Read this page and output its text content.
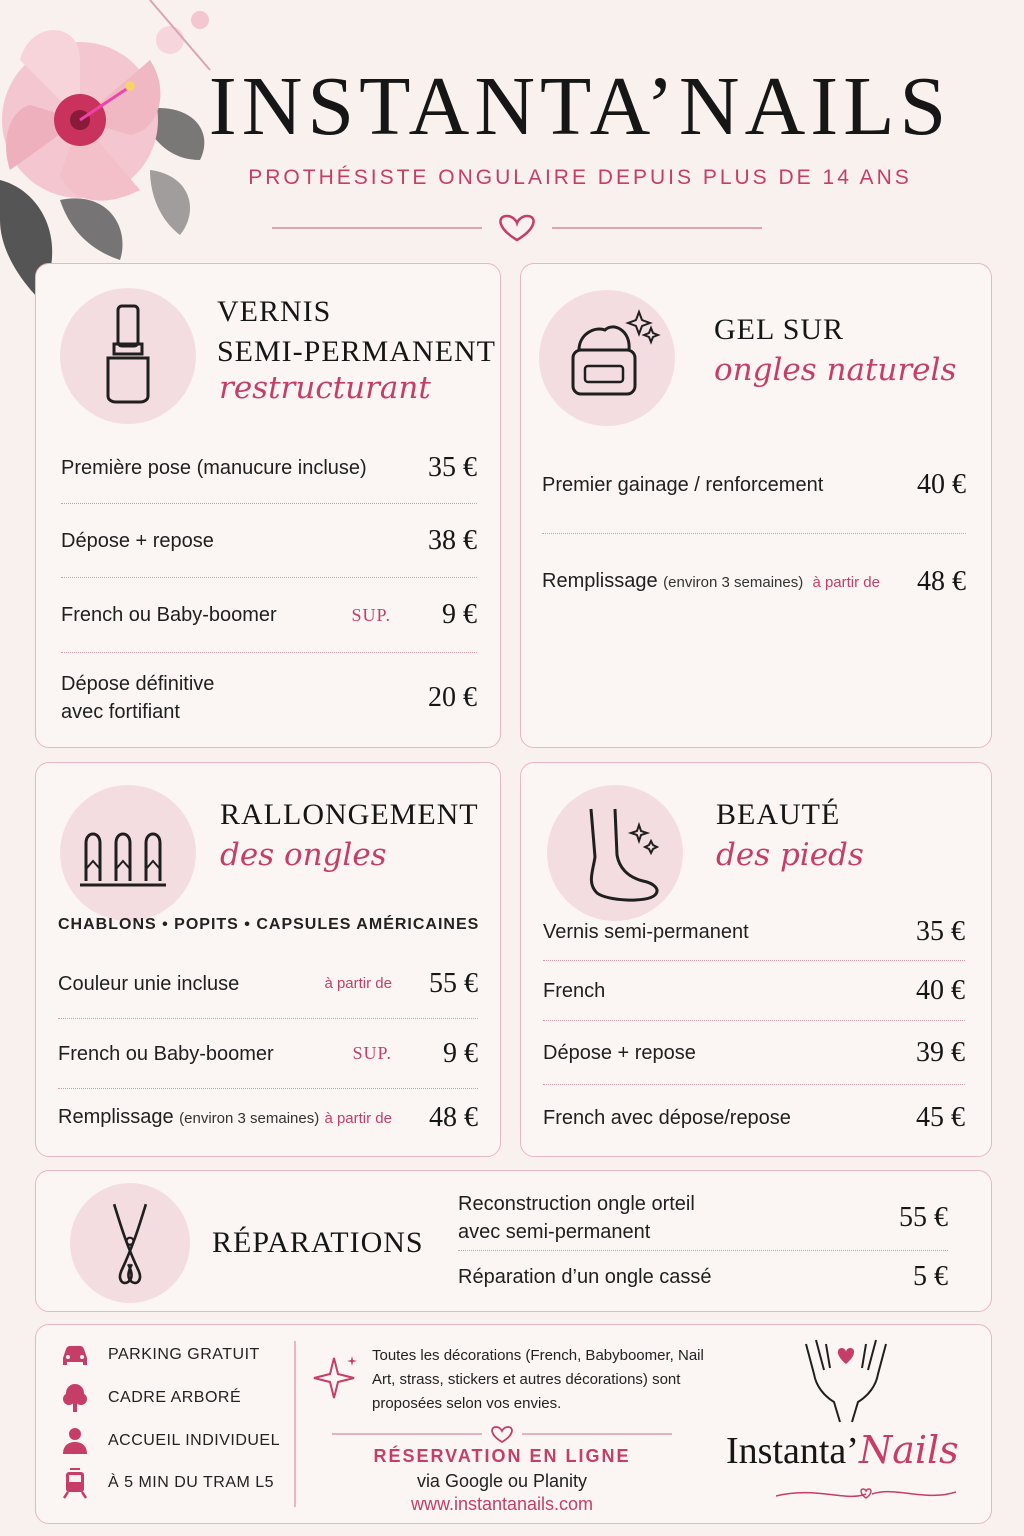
INSTANTA’NAILS
PROTHÉSISTE ONGULAIRE DEPUIS PLUS DE 14 ANS
VERNIS
SEMI-PERMANENT
restructurant
Première pose (manucure incluse)	35 €
Dépose + repose	38 €
French ou Baby-boomer	SUP.	9 €
Dépose définitive
avec fortifiant	20 €
GEL SUR
ongles naturels
Premier gainage / renforcement	40 €
Remplissage (environ 3 semaines) à partir de	48 €
RALLONGEMENT
des ongles
Couleur unie incluse	à partir de	55 €
French ou Baby-boomer	SUP.	9 €
Remplissage (environ 3 semaines) à partir de	48 €
CHABLONS • POPITS • CAPSULES AMÉRICAINES
BEAUTÉ
des pieds
Vernis semi-permanent	35 €
French	40 €
Dépose + repose	39 €
French avec dépose/repose	45 €
RÉPARATIONS
Reconstruction ongle orteil
avec semi-permanent	55 €
Réparation d’un ongle cassé	5 €
PARKING GRATUIT
CADRE ARBORÉ
ACCUEIL INDIVIDUEL
À 5 MIN DU TRAM L5
Toutes les décorations (French, Babyboomer, Nail Art, strass, stickers et autres décorations) sont proposées selon vos envies.
RÉSERVATION EN LIGNE
via Google ou Planity
www.instantanails.com
Instanta’Nails
